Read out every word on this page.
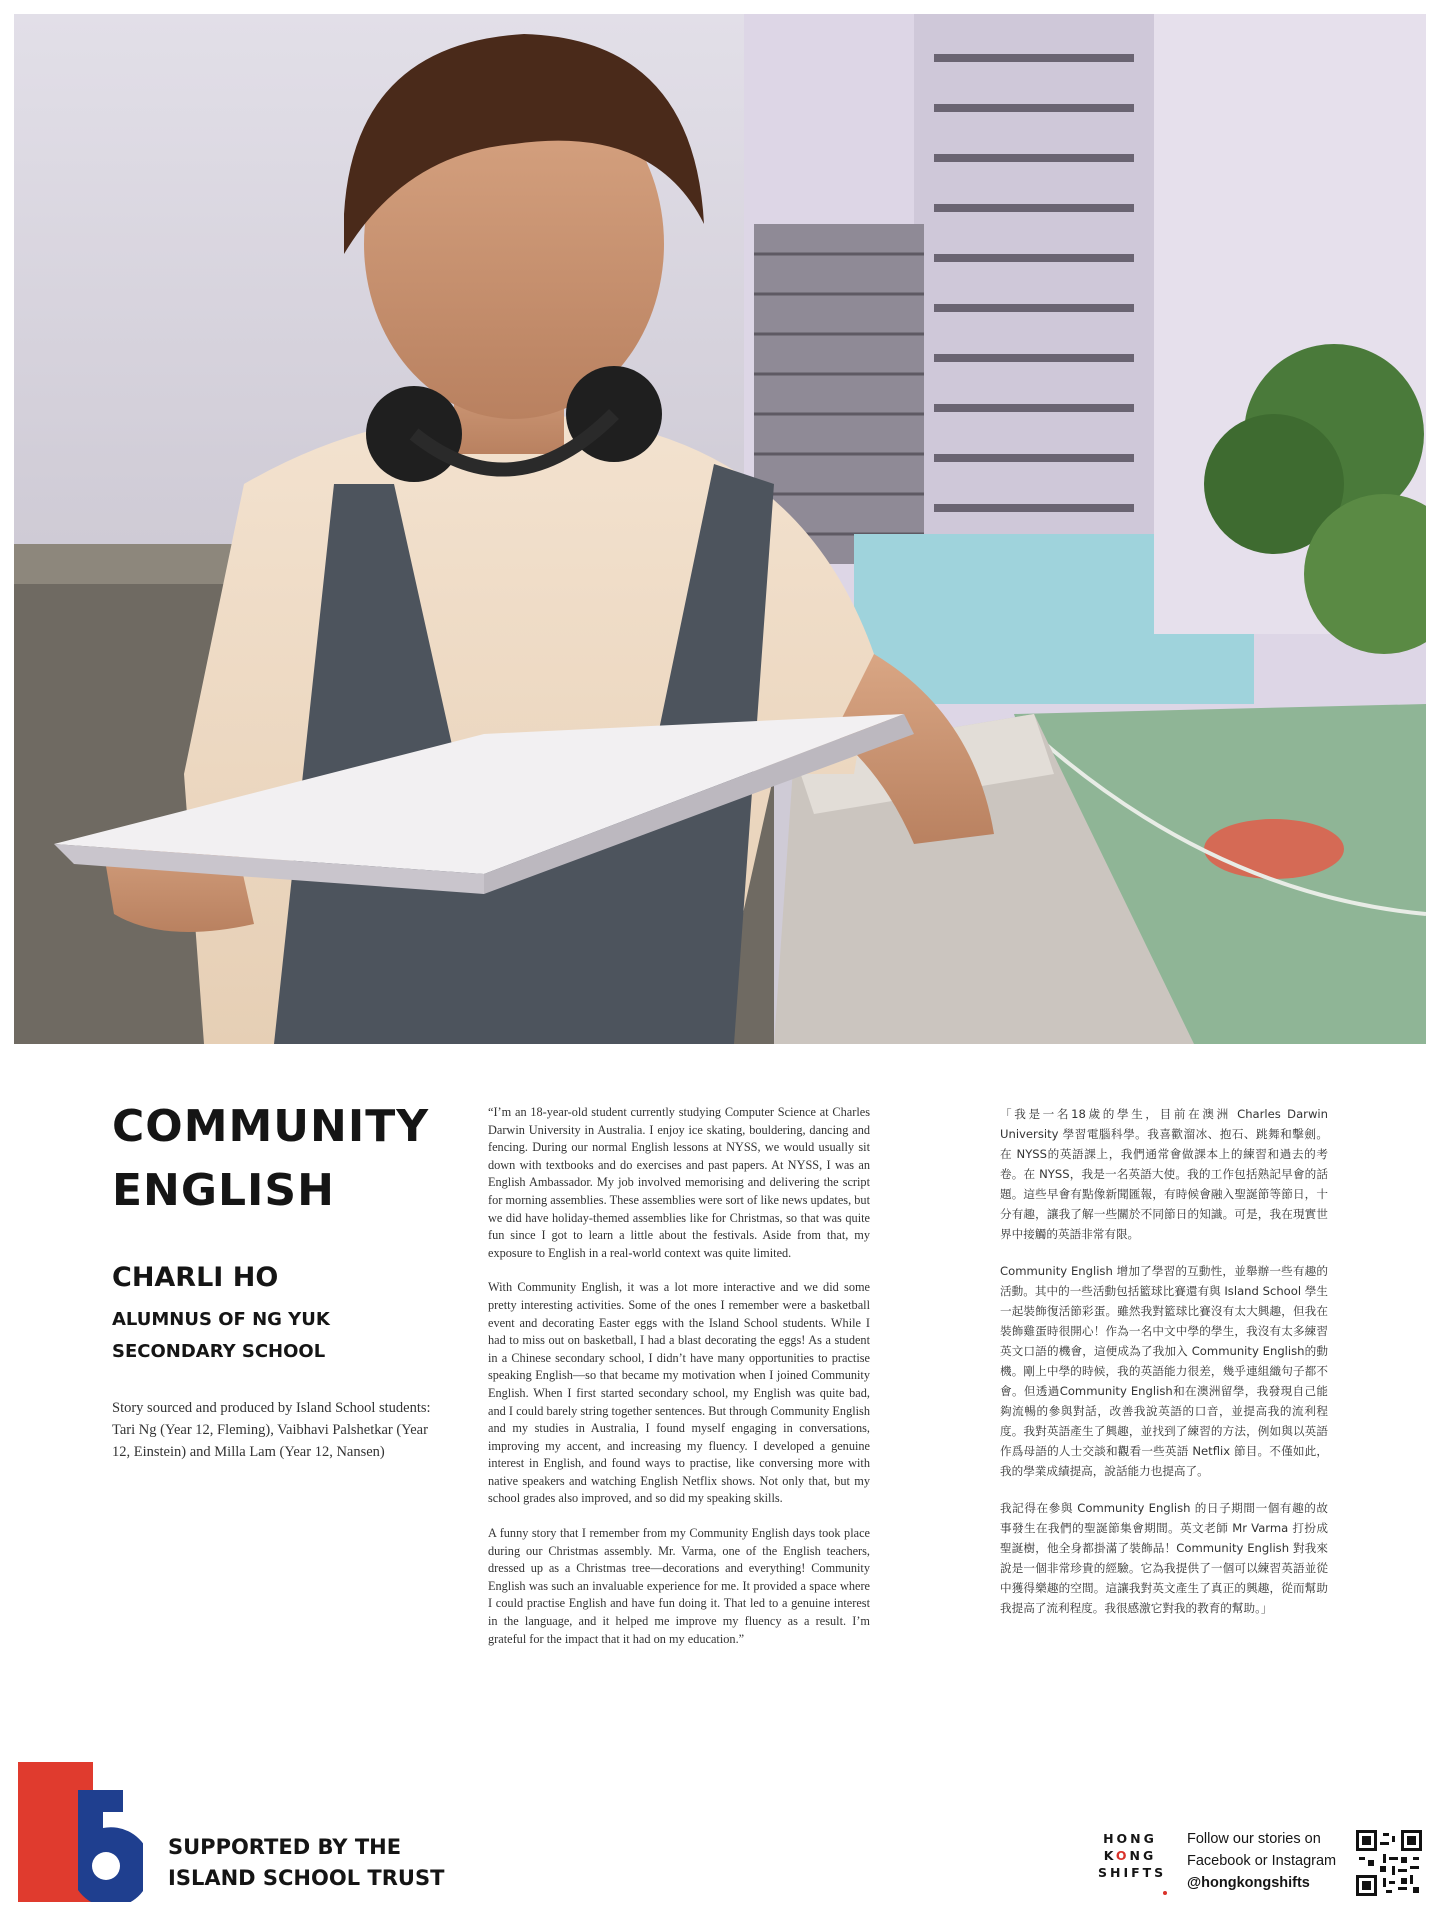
COMMUNITY ENGLISH
CHARLI HO
ALUMNUS OF NG YUK SECONDARY SCHOOL
Story sourced and produced by Island School students: Tari Ng (Year 12, Fleming), Vaibhavi Palshetkar (Year 12, Einstein) and Milla Lam (Year 12, Nansen)

“I’m an 18-year-old student currently studying Computer Science at Charles Darwin University in Australia. I enjoy ice skating, bouldering, dancing and fencing. During our normal English lessons at NYSS, we would usually sit down with textbooks and do exercises and past papers. At NYSS, I was an English Ambassador. My job involved memorising and delivering the script for morning assemblies. These assemblies were sort of like news updates, but we did have holiday-themed assemblies like for Christmas, so that was quite fun since I got to learn a little about the festivals. Aside from that, my exposure to English in a real-world context was quite limited.

With Community English, it was a lot more interactive and we did some pretty interesting activities. Some of the ones I remember were a basketball event and decorating Easter eggs with the Island School students. While I had to miss out on basketball, I had a blast decorating the eggs! As a student in a Chinese secondary school, I didn’t have many opportunities to practise speaking English—so that became my motivation when I joined Community English. When I first started secondary school, my English was quite bad, and I could barely string together sentences. But through Community English and my studies in Australia, I found myself engaging in conversations, improving my accent, and increasing my fluency. I developed a genuine interest in English, and found ways to practise, like conversing more with native speakers and watching English Netflix shows. Not only that, but my school grades also improved, and so did my speaking skills.

A funny story that I remember from my Community English days took place during our Christmas assembly. Mr. Varma, one of the English teachers, dressed up as a Christmas tree—decorations and everything! Community English was such an invaluable experience for me. It provided a space where I could practise English and have fun doing it. That led to a genuine interest in the language, and it helped me improve my fluency as a result. I’m grateful for the impact that it had on my education.”

「我是一名18歲的學生，目前在澳洲 Charles Darwin University 學習電腦科學。我喜歡溜冰、抱石、跳舞和擊劍。在 NYSS的英語課上，我們通常會做課本上的練習和過去的考卷。在 NYSS，我是一名英語大使。我的工作包括熟記早會的話題。這些早會有點像新聞匯報，有時候會融入聖誕節等節日，十分有趣，讓我了解一些關於不同節日的知識。可是，我在現實世界中接觸的英語非常有限。

Community English 增加了學習的互動性，並舉辦一些有趣的活動。其中的一些活動包括籃球比賽還有與 Island School 學生一起裝飾復活節彩蛋。雖然我對籃球比賽沒有太大興趣，但我在裝飾雞蛋時很開心！作為一名中文中學的學生，我沒有太多練習英文口語的機會，這便成為了我加入 Community English的動機。剛上中學的時候，我的英語能力很差，幾乎連組織句子都不會。但透過Community English和在澳洲留學，我發現自己能夠流暢的參與對話，改善我說英語的口音，並提高我的流利程度。我對英語產生了興趣，並找到了練習的方法，例如與以英語作爲母語的人士交談和觀看一些英語 Netflix 節目。不僅如此，我的學業成績提高，說話能力也提高了。

我記得在參與 Community English 的日子期間一個有趣的故事發生在我們的聖誕節集會期間。英文老師 Mr Varma 打扮成聖誕樹，他全身都掛滿了裝飾品！Community English 對我來說是一個非常珍貴的經驗。它為我提供了一個可以練習英語並從中獲得樂趣的空間。這讓我對英文產生了真正的興趣，從而幫助我提高了流利程度。我很感激它對我的教育的幫助。」

SUPPORTED BY THE ISLAND SCHOOL TRUST
HONG
KONG
SHIFTS
Follow our stories on Facebook or Instagram
@hongkongshifts
